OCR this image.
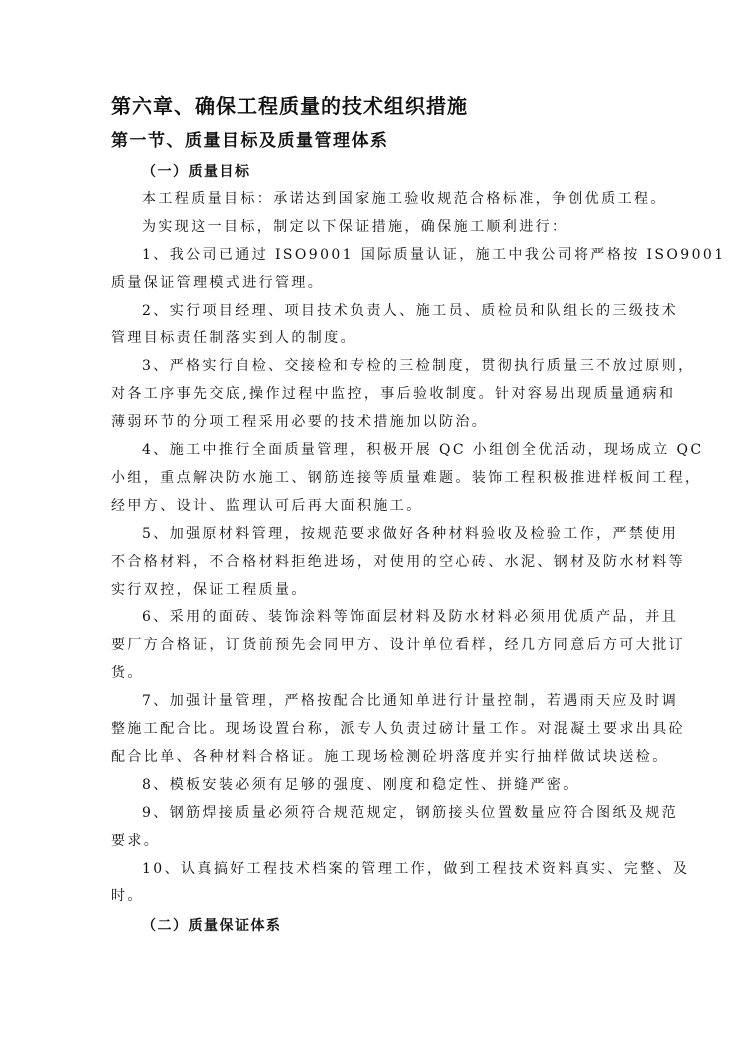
第六章、确保工程质量的技术组织措施
第一节、质量目标及质量管理体系
（一）质量目标
本工程质量目标：承诺达到国家施工验收规范合格标准，争创优质工程。
为实现这一目标，制定以下保证措施，确保施工顺利进行：
1、我公司已通过 ISO9001 国际质量认证，施工中我公司将严格按 ISO9001
质量保证管理模式进行管理。
2、实行项目经理、项目技术负责人、施工员、质检员和队组长的三级技术
管理目标责任制落实到人的制度。
3、严格实行自检、交接检和专检的三检制度，贯彻执行质量三不放过原则，
对各工序事先交底,操作过程中监控，事后验收制度。针对容易出现质量通病和
薄弱环节的分项工程采用必要的技术措施加以防治。
4、施工中推行全面质量管理，积极开展 QC 小组创全优活动，现场成立 QC
小组，重点解决防水施工、钢筋连接等质量难题。装饰工程积极推进样板间工程，
经甲方、设计、监理认可后再大面积施工。
5、加强原材料管理，按规范要求做好各种材料验收及检验工作，严禁使用
不合格材料，不合格材料拒绝进场，对使用的空心砖、水泥、钢材及防水材料等
实行双控，保证工程质量。
6、采用的面砖、装饰涂料等饰面层材料及防水材料必须用优质产品，并且
要厂方合格证，订货前预先会同甲方、设计单位看样，经几方同意后方可大批订
货。
7、加强计量管理，严格按配合比通知单进行计量控制，若遇雨天应及时调
整施工配合比。现场设置台称，派专人负责过磅计量工作。对混凝土要求出具砼
配合比单、各种材料合格证。施工现场检测砼坍落度并实行抽样做试块送检。
8、模板安装必须有足够的强度、刚度和稳定性、拼缝严密。
9、钢筋焊接质量必须符合规范规定，钢筋接头位置数量应符合图纸及规范
要求。
10、认真搞好工程技术档案的管理工作，做到工程技术资料真实、完整、及
时。
（二）质量保证体系
